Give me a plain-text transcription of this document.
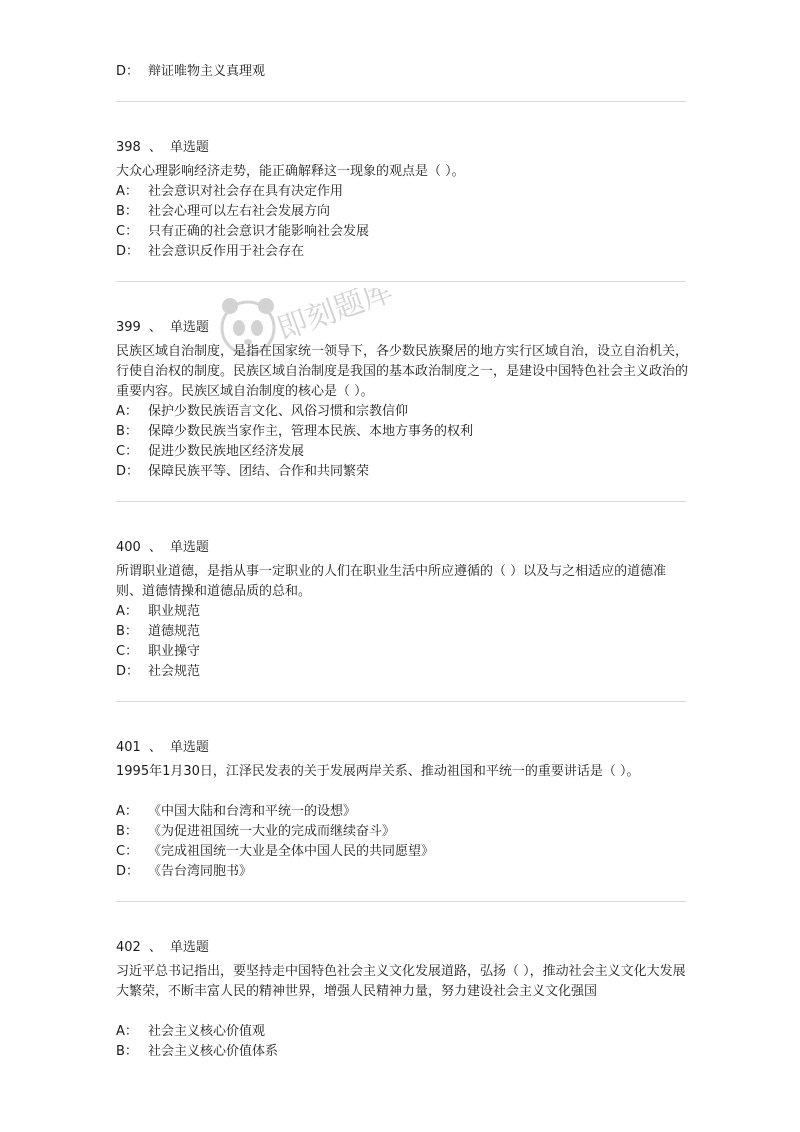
D： 辩证唯物主义真理观
398 、 单选题
大众心理影响经济走势，能正确解释这一现象的观点是（ ）。
A： 社会意识对社会存在具有决定作用
B： 社会心理可以左右社会发展方向
C： 只有正确的社会意识才能影响社会发展
D： 社会意识反作用于社会存在
399 、 单选题
民族区域自治制度，是指在国家统一领导下，各少数民族聚居的地方实行区域自治，设立自治机关，行使自治权的制度。民族区域自治制度是我国的基本政治制度之一，是建设中国特色社会主义政治的重要内容。民族区域自治制度的核心是（ ）。
A： 保护少数民族语言文化、风俗习惯和宗教信仰
B： 保障少数民族当家作主，管理本民族、本地方事务的权利
C： 促进少数民族地区经济发展
D： 保障民族平等、团结、合作和共同繁荣
400 、 单选题
所谓职业道德，是指从事一定职业的人们在职业生活中所应遵循的（ ）以及与之相适应的道德准则、道德情操和道德品质的总和。
A： 职业规范
B： 道德规范
C： 职业操守
D： 社会规范
401 、 单选题
1995年1月30日，江泽民发表的关于发展两岸关系、推动祖国和平统一的重要讲话是（ ）。
A： 《中国大陆和台湾和平统一的设想》
B： 《为促进祖国统一大业的完成而继续奋斗》
C： 《完成祖国统一大业是全体中国人民的共同愿望》
D： 《告台湾同胞书》
402 、 单选题
习近平总书记指出，要坚持走中国特色社会主义文化发展道路，弘扬（ ），推动社会主义文化大发展大繁荣，不断丰富人民的精神世界，增强人民精神力量，努力建设社会主义文化强国
A： 社会主义核心价值观
B： 社会主义核心价值体系
即刻题库
